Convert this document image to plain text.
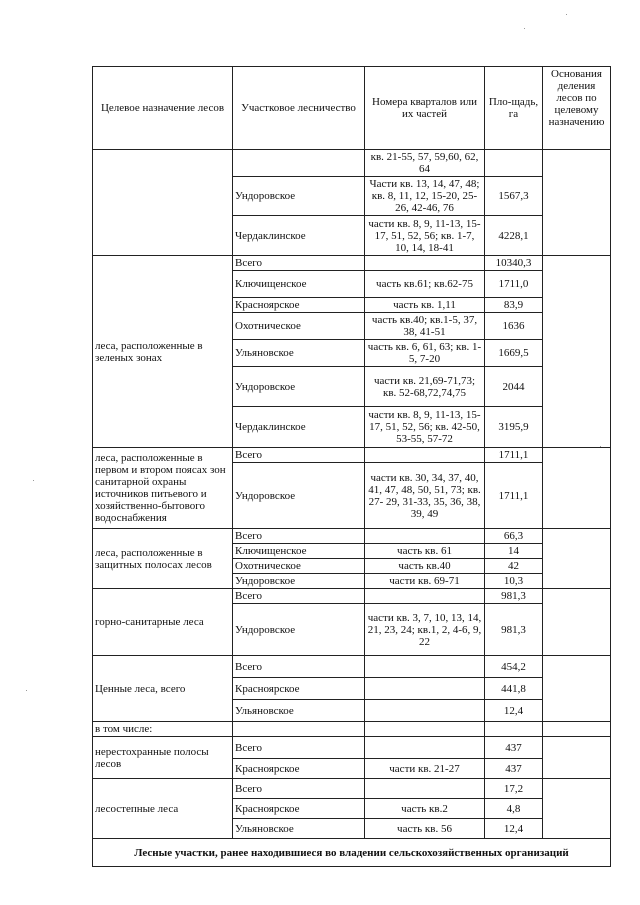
Целевое назначение лесов	Участковое лесничество	Номера кварталов или их частей	Пло-щадь, га	Основания деления лесов по целевому назначению
		кв. 21-55, 57, 59,60, 62, 64		
	Ундоровское	Части кв. 13, 14, 47, 48; кв. 8, 11, 12, 15-20, 25-26, 42-46, 76	1567,3	
	Чердаклинское	части кв. 8, 9, 11-13, 15-17, 51, 52, 56; кв. 1-7, 10, 14, 18-41	4228,1	
леса, расположенные в зеленых зонах	Всего		10340,3	
	Ключищенское	часть кв.61; кв.62-75	1711,0	
	Красноярское	часть кв. 1,11	83,9	
	Охотническое	часть кв.40; кв.1-5, 37, 38, 41-51	1636	
	Ульяновское	часть кв. 6, 61, 63; кв. 1-5, 7-20	1669,5	
	Ундоровское	части кв. 21,69-71,73; кв. 52-68,72,74,75	2044	
	Чердаклинское	части кв. 8, 9, 11-13, 15-17, 51, 52, 56; кв. 42-50, 53-55, 57-72	3195,9	
леса, расположенные в первом и втором поясах зон санитарной охраны источников питьевого и хозяйственно-бытового водоснабжения	Всего		1711,1	
	Ундоровское	части кв. 30, 34, 37, 40, 41, 47, 48, 50, 51, 73; кв. 27- 29, 31-33, 35, 36, 38, 39, 49	1711,1	
леса, расположенные в защитных полосах лесов	Всего		66,3	
	Ключищенское	часть кв. 61	14	
	Охотническое	часть кв.40	42	
	Ундоровское	части кв. 69-71	10,3	
горно-санитарные леса	Всего		981,3	
	Ундоровское	части кв. 3, 7, 10, 13, 14, 21, 23, 24; кв.1, 2, 4-6, 9, 22	981,3	
Ценные леса, всего	Всего		454,2	
	Красноярское		441,8	
	Ульяновское		12,4	
в том числе:				
нерестохранные полосы лесов	Всего		437	
	Красноярское	части кв. 21-27	437	
лесостепные леса	Всего		17,2	
	Красноярское	часть кв.2	4,8	
	Ульяновское	часть кв. 56	12,4	
Лесные участки, ранее находившиеся во владении сельскохозяйственных организаций				
